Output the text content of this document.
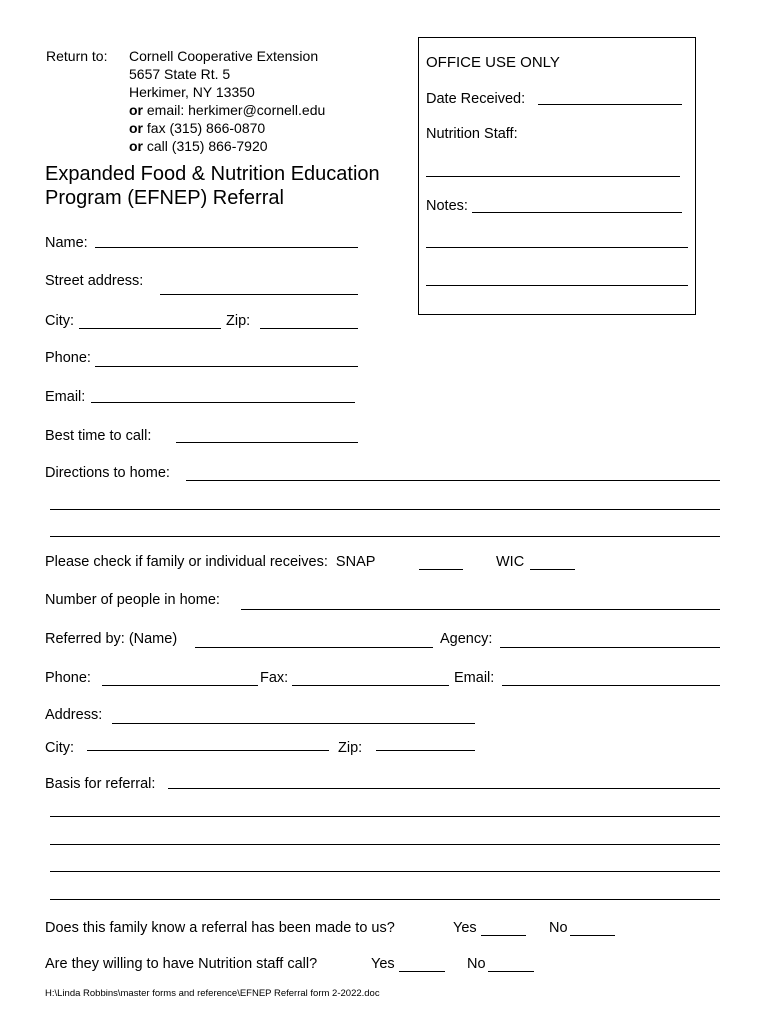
Return to: Cornell Cooperative Extension
5657 State Rt. 5
Herkimer, NY 13350
or email: herkimer@cornell.edu
or fax (315) 866-0870
or call (315) 866-7920
Expanded Food & Nutrition Education
Program (EFNEP) Referral
OFFICE USE ONLY
Date Received:
Nutrition Staff:
Notes:
Name:
Street address:
City:	Zip:
Phone:
Email:
Best time to call:
Directions to home:
Please check if family or individual receives:  SNAP	WIC
Number of people in home:
Referred by: (Name)	Agency:
Phone:	Fax:	Email:
Address:
City:	Zip:
Basis for referral:
Does this family know a referral has been made to us?	Yes	No
Are they willing to have Nutrition staff call?	Yes	No
H:\Linda Robbins\master forms and reference\EFNEP Referral form 2-2022.doc
